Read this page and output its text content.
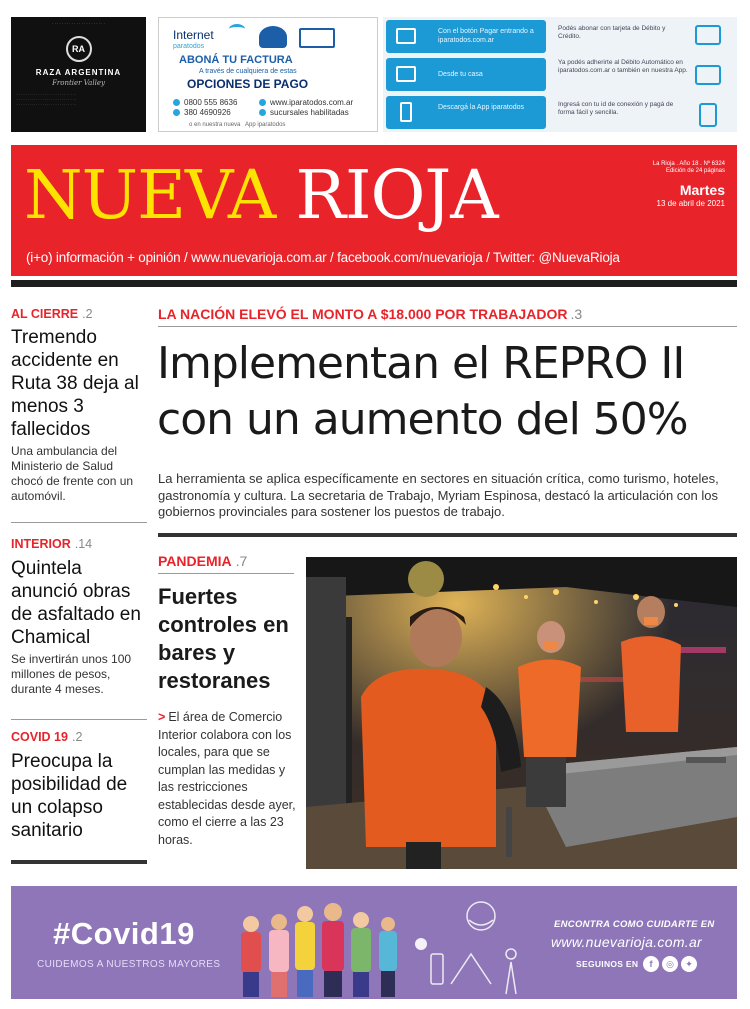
· · · · · · · · · · · · · · · · · · · · · ·
RA
RAZA ARGENTINA
Frontier Valley
· · · · · · · · · · · · · · · · · · · · · · · · · · · ·
· · · · · · · · · · · · · · · · · · · · · · · · · · · ·
· · · · · · · · · · · · · · · · · · · · · · · · · · · ·
Internet
paratodos
ABONÁ TU FACTURA
A través de cualquiera de estas
OPCIONES DE PAGO
0800 555 8636
380 4690926
www.iparatodos.com.ar
sucursales habilitadas
o en nuestra nueva App iparatodos
Con el botón Pagar entrando a iparatodos.com.ar
Desde tu casa
Descargá la App iparatodos
Podés abonar con tarjeta de Débito y Crédito.
Ya podés adherirte al Débito Automático en iparatodos.com.ar o también en nuestra App.
Ingresá con tu id de conexión y pagá de forma fácil y sencilla.
NUEVA RIOJA	La Rioja . Año 18 . Nº 6324
Edición de 24 páginas
Martes
13 de abril de 2021
(i+o) información + opinión / www.nuevarioja.com.ar / facebook.com/nuevarioja / Twitter: @NuevaRioja
AL CIERRE .2
Tremendo accidente en Ruta 38 deja al menos 3 fallecidos

Una ambulancia del Ministerio de Salud chocó de frente con un automóvil.

INTERIOR .14
Quintela anunció obras de asfaltado en Chamical

Se invertirán unos 100 millones de pesos, durante 4 meses.

COVID 19 .2
Preocupa la posibilidad de un colapso sanitario
LA NACIÓN ELEVÓ EL MONTO A $18.000 POR TRABAJADOR .3
Implementan el REPRO II
con un aumento del 50%
La herramienta se aplica específicamente en sectores en situación crítica, como turismo, hoteles, gastronomía y cultura. La secretaria de Trabajo, Myriam Espinosa, destacó la articulación con los gobiernos provinciales para sostener los puestos de trabajo.
PANDEMIA .7
Fuertes controles en bares y restoranes
> El área de Comercio Interior colabora con los locales, para que se cumplan las medidas y las restricciones establecidas desde ayer, como el cierre a las 23 horas.
#Covid19
CUIDEMOS A NUESTROS MAYORES
ENCONTRA COMO CUIDARTE EN
www.nuevarioja.com.ar
SEGUINOS EN	f	◎	✦
